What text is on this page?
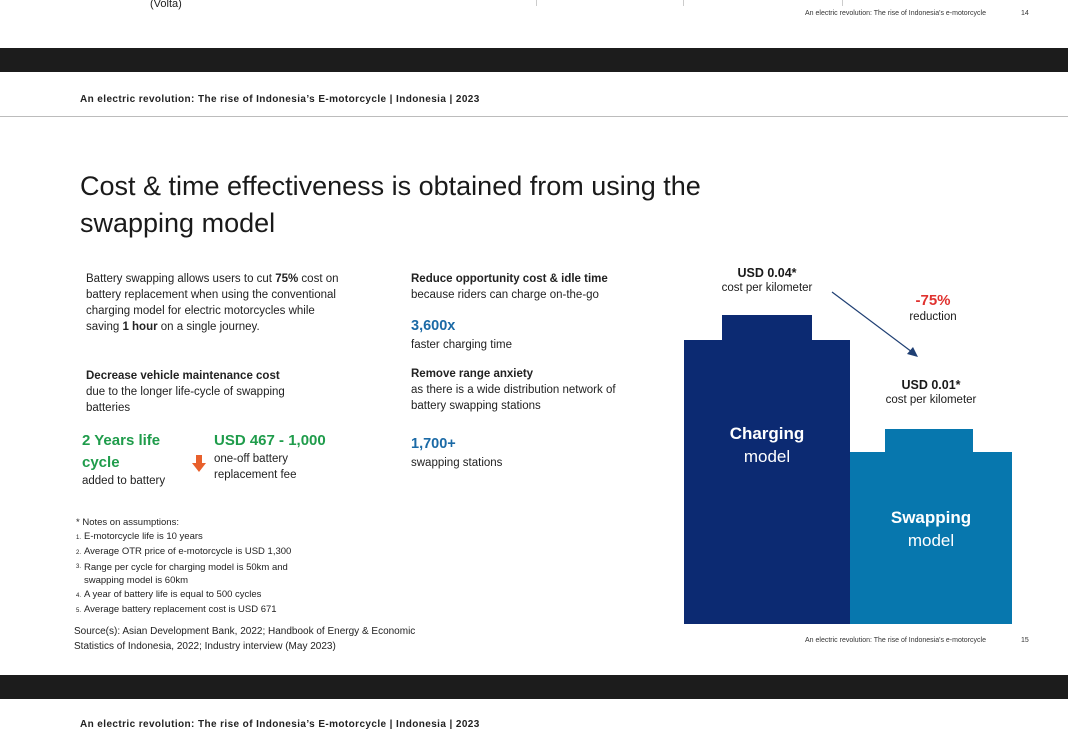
(Volta)
An electric revolution: The rise of Indonesia's e-motorcycle	14
An electric revolution: The rise of Indonesia’s E-motorcycle | Indonesia | 2023
Cost & time effectiveness is obtained from using the swapping model
Battery swapping allows users to cut 75% cost on battery replacement when using the conventional charging model for electric motorcycles while saving 1 hour on a single journey.
Decrease vehicle maintenance cost
due to the longer life-cycle of swapping batteries
2 Years life cycle
added to battery
USD 467 - 1,000
one-off battery replacement fee
* Notes on assumptions:
1. E-motorcycle life is 10 years
2. Average OTR price of e-motorcycle is USD 1,300
3. Range per cycle for charging model is 50km and swapping model is 60km
4. A year of battery life is equal to 500 cycles
5. Average battery replacement cost is USD 671
Source(s): Asian Development Bank, 2022; Handbook of Energy & Economic Statistics of Indonesia, 2022; Industry interview (May 2023)
Reduce opportunity cost & idle time
because riders can charge on-the-go
3,600x
faster charging time
Remove range anxiety
as there is a wide distribution network of battery swapping stations
1,700+
swapping stations
Charging
model
Swapping
model
USD 0.04*
cost per kilometer
USD 0.01*
cost per kilometer
-75%
reduction
An electric revolution: The rise of Indonesia's e-motorcycle	15
An electric revolution: The rise of Indonesia’s E-motorcycle | Indonesia | 2023
